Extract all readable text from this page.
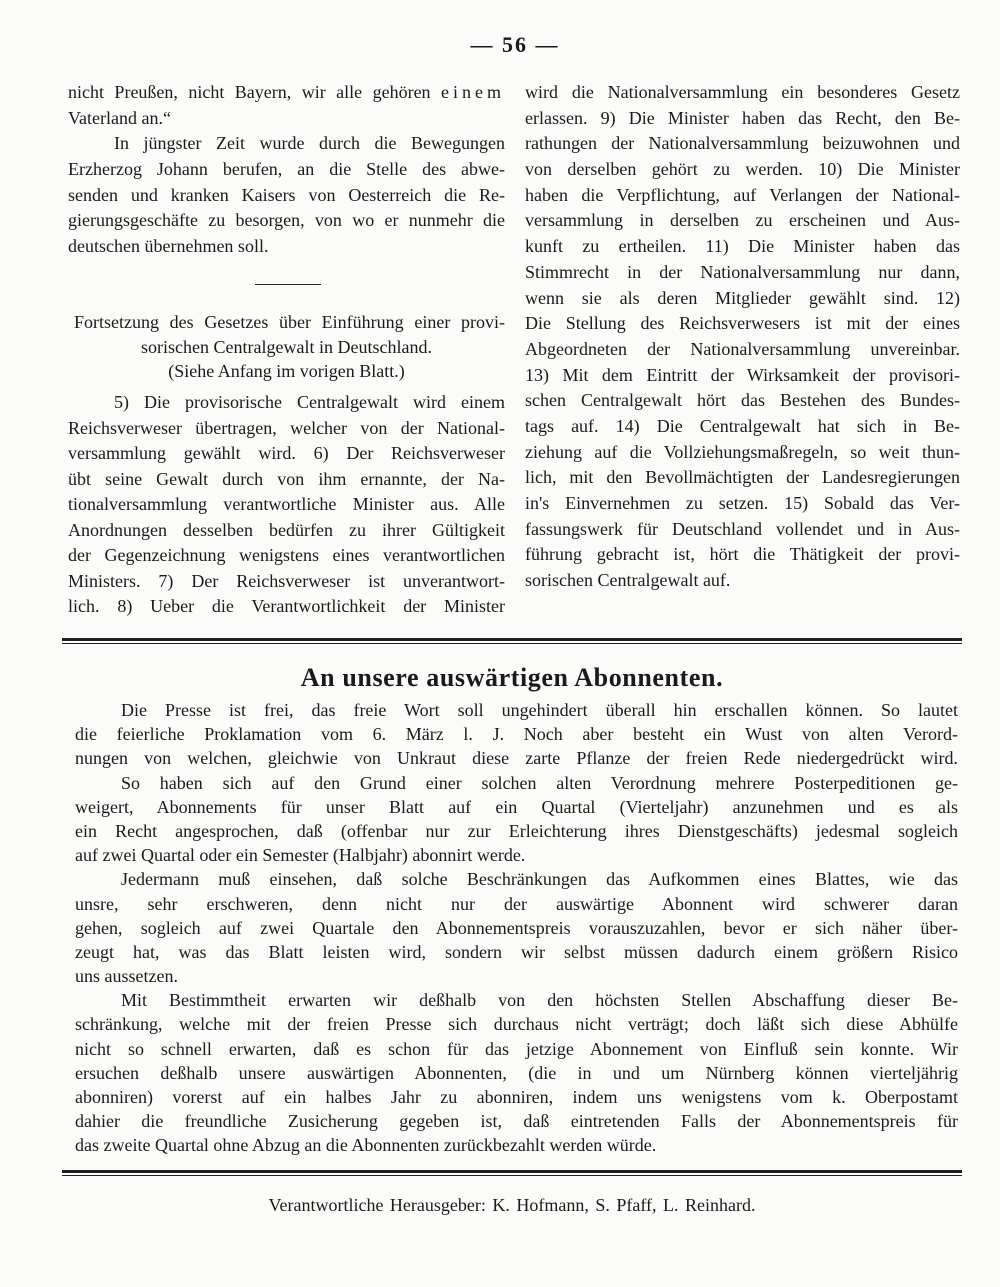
— 56 —
nicht Preußen, nicht Bayern, wir alle gehören einem
Vaterland an.“
In jüngster Zeit wurde durch die Bewegungen
Erzherzog Johann berufen, an die Stelle des abwe-
senden und kranken Kaisers von Oesterreich die Re-
gierungsgeschäfte zu besorgen, von wo er nunmehr die
deutschen übernehmen soll.
Fortsetzung des Gesetzes über Einführung einer provi-
sorischen Centralgewalt in Deutschland.
(Siehe Anfang im vorigen Blatt.)
5) Die provisorische Centralgewalt wird einem
Reichsverweser übertragen, welcher von der National-
versammlung gewählt wird. 6) Der Reichsverweser
übt seine Gewalt durch von ihm ernannte, der Na-
tionalversammlung verantwortliche Minister aus. Alle
Anordnungen desselben bedürfen zu ihrer Gültigkeit
der Gegenzeichnung wenigstens eines verantwortlichen
Ministers. 7) Der Reichsverweser ist unverantwort-
lich. 8) Ueber die Verantwortlichkeit der Minister
wird die Nationalversammlung ein besonderes Gesetz
erlassen. 9) Die Minister haben das Recht, den Be-
rathungen der Nationalversammlung beizuwohnen und
von derselben gehört zu werden. 10) Die Minister
haben die Verpflichtung, auf Verlangen der National-
versammlung in derselben zu erscheinen und Aus-
kunft zu ertheilen. 11) Die Minister haben das
Stimmrecht in der Nationalversammlung nur dann,
wenn sie als deren Mitglieder gewählt sind. 12)
Die Stellung des Reichsverwesers ist mit der eines
Abgeordneten der Nationalversammlung unvereinbar.
13) Mit dem Eintritt der Wirksamkeit der provisori-
schen Centralgewalt hört das Bestehen des Bundes-
tags auf. 14) Die Centralgewalt hat sich in Be-
ziehung auf die Vollziehungsmaßregeln, so weit thun-
lich, mit den Bevollmächtigten der Landesregierungen
in's Einvernehmen zu setzen. 15) Sobald das Ver-
fassungswerk für Deutschland vollendet und in Aus-
führung gebracht ist, hört die Thätigkeit der provi-
sorischen Centralgewalt auf.
An unsere auswärtigen Abonnenten.
Die Presse ist frei, das freie Wort soll ungehindert überall hin erschallen können. So lautet
die feierliche Proklamation vom 6. März l. J. Noch aber besteht ein Wust von alten Verord-
nungen von welchen, gleichwie von Unkraut diese zarte Pflanze der freien Rede niedergedrückt wird.
So haben sich auf den Grund einer solchen alten Verordnung mehrere Posterpeditionen ge-
weigert, Abonnements für unser Blatt auf ein Quartal (Vierteljahr) anzunehmen und es als
ein Recht angesprochen, daß (offenbar nur zur Erleichterung ihres Dienstgeschäfts) jedesmal sogleich
auf zwei Quartal oder ein Semester (Halbjahr) abonnirt werde.
Jedermann muß einsehen, daß solche Beschränkungen das Aufkommen eines Blattes, wie das
unsre, sehr erschweren, denn nicht nur der auswärtige Abonnent wird schwerer daran
gehen, sogleich auf zwei Quartale den Abonnementspreis vorauszuzahlen, bevor er sich näher über-
zeugt hat, was das Blatt leisten wird, sondern wir selbst müssen dadurch einem größern Risico
uns aussetzen.
Mit Bestimmtheit erwarten wir deßhalb von den höchsten Stellen Abschaffung dieser Be-
schränkung, welche mit der freien Presse sich durchaus nicht verträgt; doch läßt sich diese Abhülfe
nicht so schnell erwarten, daß es schon für das jetzige Abonnement von Einfluß sein konnte. Wir
ersuchen deßhalb unsere auswärtigen Abonnenten, (die in und um Nürnberg können vierteljährig
abonniren) vorerst auf ein halbes Jahr zu abonniren, indem uns wenigstens vom k. Oberpostamt
dahier die freundliche Zusicherung gegeben ist, daß eintretenden Falls der Abonnementspreis für
das zweite Quartal ohne Abzug an die Abonnenten zurückbezahlt werden würde.
Verantwortliche Herausgeber: K. Hofmann, S. Pfaff, L. Reinhard.
